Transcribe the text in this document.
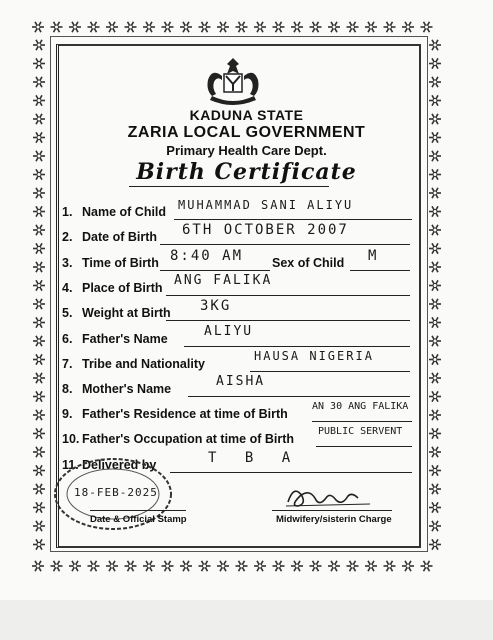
KADUNA STATE
ZARIA LOCAL GOVERNMENT
Primary Health Care Dept.
Birth Certificate
1. Name of Child MUHAMMAD SANI ALIYU
2. Date of Birth 6TH OCTOBER 2007
3. Time of Birth 8:40 AM Sex of Child M
4. Place of Birth ANG FALIKA
5. Weight at Birth 3KG
6. Father's Name	ALIYU
7. Tribe and Nationality
HAUSA NIGERIA
8. Mother's Name	AISHA
9. Father's Residence at time of Birth
AN 30 ANG FALIKA
10. Father's Occupation at time of Birth
PUBLIC SERVENT
11. Delivered by	T B A
18-FEB-2025
Date & Official Stamp	Midwifery/sisterin Charge
